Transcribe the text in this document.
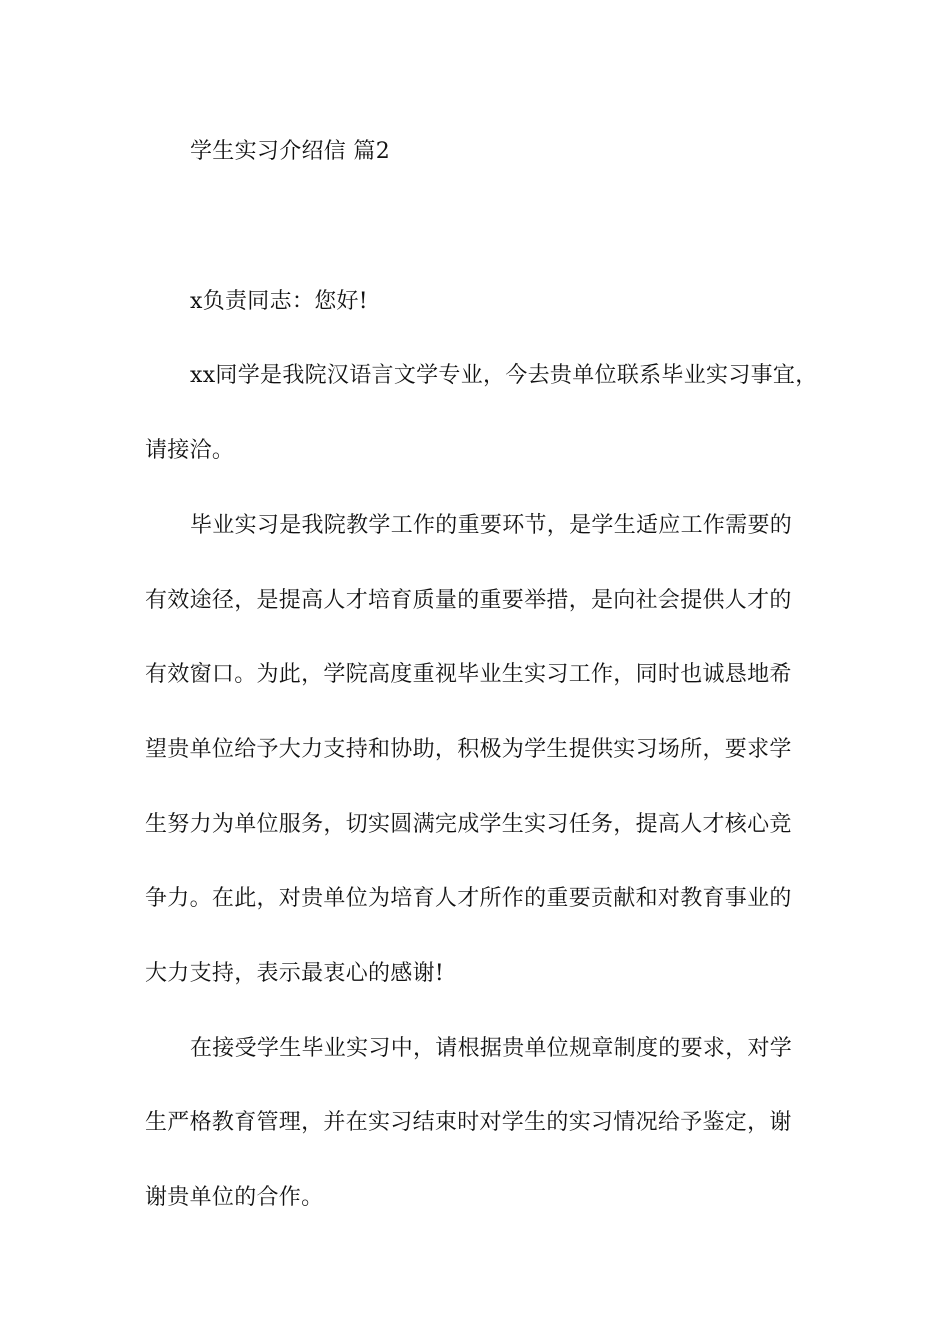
学生实习介绍信 篇2
x负责同志：您好!
xx同学是我院汉语言文学专业，今去贵单位联系毕业实习事宜，
请接洽。
毕业实习是我院教学工作的重要环节，是学生适应工作需要的
有效途径，是提高人才培育质量的重要举措，是向社会提供人才的
有效窗口。为此，学院高度重视毕业生实习工作，同时也诚恳地希
望贵单位给予大力支持和协助，积极为学生提供实习场所，要求学
生努力为单位服务，切实圆满完成学生实习任务，提高人才核心竞
争力。在此，对贵单位为培育人才所作的重要贡献和对教育事业的
大力支持，表示最衷心的感谢!
在接受学生毕业实习中，请根据贵单位规章制度的要求，对学
生严格教育管理，并在实习结束时对学生的实习情况给予鉴定，谢
谢贵单位的合作。
